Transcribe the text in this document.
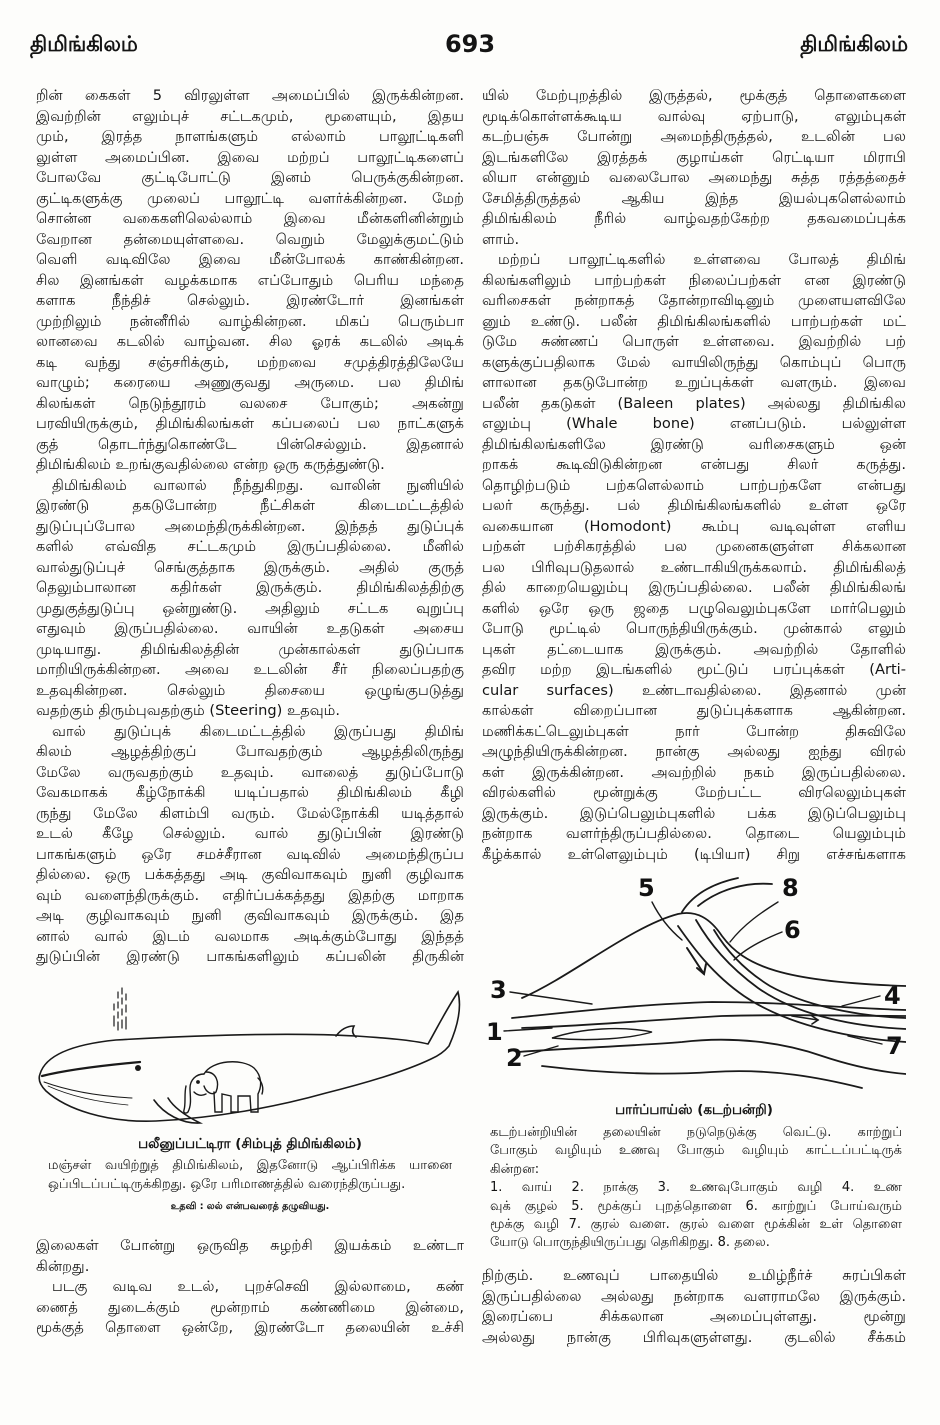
திமிங்கிலம்	693	திமிங்கிலம்
றின் கைகள் 5 விரலுள்ள அமைப்பில் இருக்கின்றன.
இவற்றின் எலும்புச் சட்டகமும், மூளையும், இதய
மும், இரத்த நாளங்களும் எல்லாம் பாலூட்டிகளி
லுள்ள அமைப்பின. இவை மற்றப் பாலூட்டிகளைப்
போலவே குட்டிபோட்டு இனம் பெருக்குகின்றன.
குட்டிகளுக்கு முலைப் பாலூட்டி வளர்க்கின்றன. மேற்
சொன்ன வகைகளிலெல்லாம் இவை மீன்களினின்றும்
வேறான தன்மையுள்ளவை. வெறும் மேலுக்குமட்டும்
வெளி வடிவிலே இவை மீன்போலக் காண்கின்றன.
சில இனங்கள் வழக்கமாக எப்போதும் பெரிய மந்தை
களாக நீந்திச் செல்லும். இரண்டோர் இனங்கள்
முற்றிலும் நன்னீரில் வாழ்கின்றன. மிகப் பெரும்பா
லானவை கடலில் வாழ்வன. சில ஓரக் கடலில் அடிக்
கடி வந்து சஞ்சரிக்கும், மற்றவை சமுத்திரத்திலேயே
வாழும்; கரையை அணுகுவது அருமை. பல திமிங்
கிலங்கள் நெடுந்தூரம் வலசை போகும்; அகன்று
பரவியிருக்கும், திமிங்கிலங்கள் கப்பலைப் பல நாட்களுக்
குத் தொடர்ந்துகொண்டே பின்செல்லும். இதனால்
திமிங்கிலம் உறங்குவதில்லை என்ற ஒரு கருத்துண்டு.
திமிங்கிலம் வாலால் நீந்துகிறது. வாலின் நுனியில்
இரண்டு தகடுபோன்ற நீட்சிகள் கிடைமட்டத்தில்
துடுப்புப்போல அமைந்திருக்கின்றன. இந்தத் துடுப்புக்
களில் எவ்வித சட்டகமும் இருப்பதில்லை. மீனில்
வால்துடுப்புச் செங்குத்தாக இருக்கும். அதில் குருத்
தெலும்பாலான கதிர்கள் இருக்கும். திமிங்கிலத்திற்கு
முதுகுத்துடுப்பு ஒன்றுண்டு. அதிலும் சட்டக வுறுப்பு
எதுவும் இருப்பதில்லை. வாயின் உதடுகள் அசைய
முடியாது. திமிங்கிலத்தின் முன்கால்கள் துடுப்பாக
மாறியிருக்கின்றன. அவை உடலின் சீர் நிலைப்பதற்கு
உதவுகின்றன. செல்லும் திசையை ஒழுங்குபடுத்து
வதற்கும் திரும்புவதற்கும் (Steering) உதவும்.
வால் துடுப்புக் கிடைமட்டத்தில் இருப்பது திமிங்
கிலம் ஆழத்திற்குப் போவதற்கும் ஆழத்திலிருந்து
மேலே வருவதற்கும் உதவும். வாலைத் துடுப்போடு
வேகமாகக் கீழ்நோக்கி யடிப்பதால் திமிங்கிலம் கீழி
ருந்து மேலே கிளம்பி வரும். மேல்நோக்கி யடித்தால்
உடல் கீழே செல்லும். வால் துடுப்பின் இரண்டு
பாகங்களும் ஒரே சமச்சீரான வடிவில் அமைந்திருப்ப
தில்லை. ஒரு பக்கத்தது அடி குவிவாகவும் நுனி குழிவாக
வும் வளைந்திருக்கும். எதிர்ப்பக்கத்தது இதற்கு மாறாக
அடி குழிவாகவும் நுனி குவிவாகவும் இருக்கும். இத
னால் வால் இடம் வலமாக அடிக்கும்போது இந்தத்
துடுப்பின் இரண்டு பாகங்களிலும் கப்பலின் திருகின்
யில் மேற்புறத்தில் இருத்தல், மூக்குத் தொளைகளை
மூடிக்கொள்ளக்கூடிய வால்வு ஏற்பாடு, எலும்புகள்
கடற்பஞ்சு போன்று அமைந்திருத்தல், உடலின் பல
இடங்களிலே இரத்தக் குழாய்கள் ரெட்டியா மிராபி
லியா என்னும் வலைபோல அமைந்து சுத்த ரத்தத்தைச்
சேமித்திருத்தல் ஆகிய இந்த இயல்புகளெல்லாம்
திமிங்கிலம் நீரில் வாழ்வதற்கேற்ற தகவமைப்புக்க
ளாம்.
மற்றப் பாலூட்டிகளில் உள்ளவை போலத் திமிங்
கிலங்களிலும் பாற்பற்கள் நிலைப்பற்கள் என இரண்டு
வரிசைகள் நன்றாகத் தோன்றாவிடினும் முளையளவிலே
னும் உண்டு. பலீன் திமிங்கிலங்களில் பாற்பற்கள் மட்
டுமே சுண்ணப் பொருள் உள்ளவை. இவற்றில் பற்
களுக்குப்பதிலாக மேல் வாயிலிருந்து கொம்புப் பொரு
ளாலான தகடுபோன்ற உறுப்புக்கள் வளரும். இவை
பலீன் தகடுகள் (Baleen plates) அல்லது திமிங்கில
எலும்பு (Whale bone) எனப்படும். பல்லுள்ள
திமிங்கிலங்களிலே இரண்டு வரிசைகளும் ஒன்
றாகக் கூடிவிடுகின்றன என்பது சிலர் கருத்து.
தொழிற்படும் பற்களெல்லாம் பாற்பற்களே என்பது
பலர் கருத்து. பல் திமிங்கிலங்களில் உள்ள ஒரே
வகையான (Homodont) கூம்பு வடிவுள்ள எளிய
பற்கள் பற்சிகரத்தில் பல முனைகளுள்ள சிக்கலான
பல பிரிவுபடுதலால் உண்டாகியிருக்கலாம். திமிங்கிலத்
தில் காறையெலும்பு இருப்பதில்லை. பலீன் திமிங்கிலங்
களில் ஒரே ஒரு ஜதை பழுவெலும்புகளே மார்பெலும்
போடு மூட்டில் பொருந்தியிருக்கும். முன்கால் எலும்
புகள் தட்டையாக இருக்கும். அவற்றில் தோளில்
தவிர மற்ற இடங்களில் மூட்டுப் பரப்புக்கள் (Arti-
cular surfaces) உண்டாவதில்லை. இதனால் முன்
கால்கள் விறைப்பான துடுப்புக்களாக ஆகின்றன.
மணிக்கட்டெலும்புகள் நார் போன்ற திசுவிலே
அழுந்தியிருக்கின்றன. நான்கு அல்லது ஐந்து விரல்
கள் இருக்கின்றன. அவற்றில் நகம் இருப்பதில்லை.
விரல்களில் மூன்றுக்கு மேற்பட்ட விரலெலும்புகள்
இருக்கும். இடுப்பெலும்புகளில் பக்க இடுப்பெலும்பு
நன்றாக வளர்ந்திருப்பதில்லை. தொடை யெலும்பும்
கீழ்க்கால் உள்ளெலும்பும் (டிபியா) சிறு எச்சங்களாக
பலீனுப்பட்டிரா (சிம்புத் திமிங்கிலம்)
மஞ்சள் வயிற்றுத் திமிங்கிலம், இதனோடு ஆப்பிரிக்க யானை
ஒப்பிடப்பட்டிருக்கிறது. ஒரே பரிமாணத்தில் வரைந்திருப்பது.
உதவி : லல் என்பவரைத் தழுவியது.
இலைகள் போன்று ஒருவித சுழற்சி இயக்கம் உண்டா
கின்றது.
படகு வடிவ உடல், புறச்செவி இல்லாமை, கண்
ணைத் துடைக்கும் மூன்றாம் கண்ணிமை இன்மை,
மூக்குத் தொளை ஒன்றே, இரண்டோ தலையின் உச்சி
5	8
6
3
1
2
4
7
பார்ப்பாய்ஸ் (கடற்பன்றி)
கடற்பன்றியின் தலையின் நடுநெடுக்கு வெட்டு. காற்றுப்
போகும் வழியும் உணவு போகும் வழியும் காட்டப்பட்டிருக்
கின்றன:
1. வாய் 2. நாக்கு 3. உணவுபோகும் வழி 4. உண
வுக் குழல் 5. மூக்குப் புறத்தொளை 6. காற்றுப் போய்வரும்
மூக்கு வழி 7. குரல் வளை. குரல் வளை மூக்கின் உள் தொளை
யோடு பொருந்தியிருப்பது தெரிகிறது. 8. தலை.
நிற்கும். உணவுப் பாதையில் உமிழ்நீர்ச் சுரப்பிகள்
இருப்பதில்லை அல்லது நன்றாக வளராமலே இருக்கும்.
இரைப்பை சிக்கலான அமைப்புள்ளது. மூன்று
அல்லது நான்கு பிரிவுகளுள்ளது. குடலில் சீக்கம்
